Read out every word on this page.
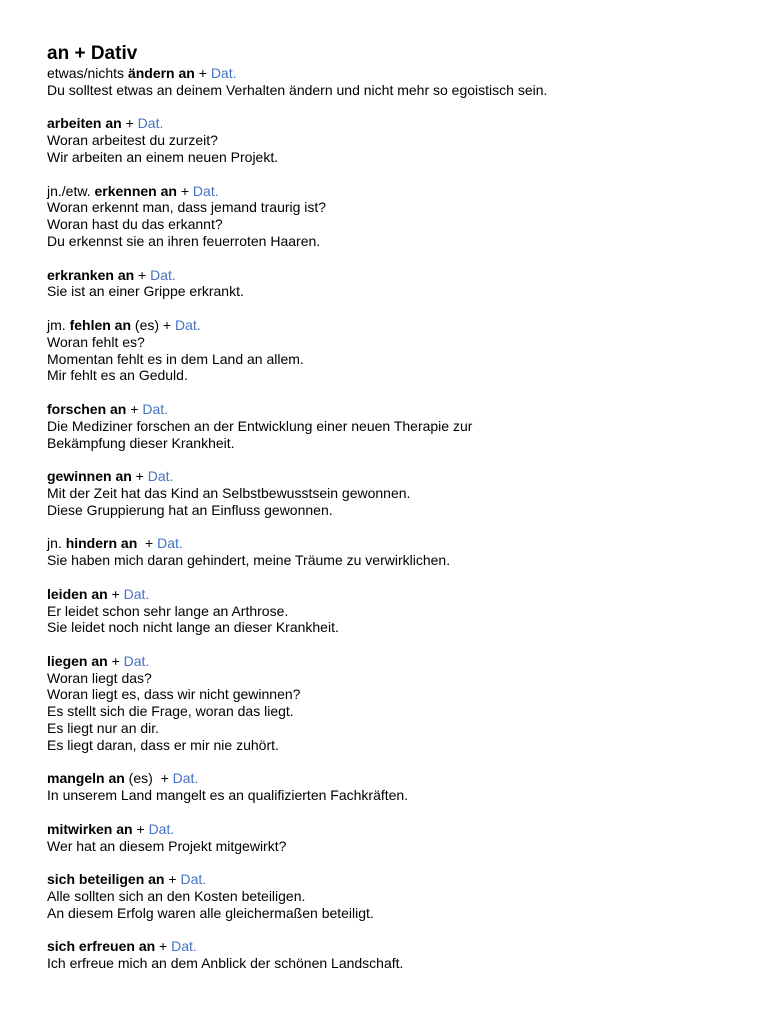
an + Dativ
etwas/nichts ändern an + Dat.
Du solltest etwas an deinem Verhalten ändern und nicht mehr so egoistisch sein.
arbeiten an + Dat.
Woran arbeitest du zurzeit?
Wir arbeiten an einem neuen Projekt.
jn./etw. erkennen an + Dat.
Woran erkennt man, dass jemand traurig ist?
Woran hast du das erkannt?
Du erkennst sie an ihren feuerroten Haaren.
erkranken an + Dat.
Sie ist an einer Grippe erkrankt.
jm. fehlen an (es) + Dat.
Woran fehlt es?
Momentan fehlt es in dem Land an allem.
Mir fehlt es an Geduld.
forschen an + Dat.
Die Mediziner forschen an der Entwicklung einer neuen Therapie zur
Bekämpfung dieser Krankheit.
gewinnen an + Dat.
Mit der Zeit hat das Kind an Selbstbewusstsein gewonnen.
Diese Gruppierung hat an Einfluss gewonnen.
jn. hindern an  + Dat.
Sie haben mich daran gehindert, meine Träume zu verwirklichen.
leiden an + Dat.
Er leidet schon sehr lange an Arthrose.
Sie leidet noch nicht lange an dieser Krankheit.
liegen an + Dat.
Woran liegt das?
Woran liegt es, dass wir nicht gewinnen?
Es stellt sich die Frage, woran das liegt.
Es liegt nur an dir.
Es liegt daran, dass er mir nie zuhört.
mangeln an (es)  + Dat.
In unserem Land mangelt es an qualifizierten Fachkräften.
mitwirken an + Dat.
Wer hat an diesem Projekt mitgewirkt?
sich beteiligen an + Dat.
Alle sollten sich an den Kosten beteiligen.
An diesem Erfolg waren alle gleichermaßen beteiligt.
sich erfreuen an + Dat.
Ich erfreue mich an dem Anblick der schönen Landschaft.
